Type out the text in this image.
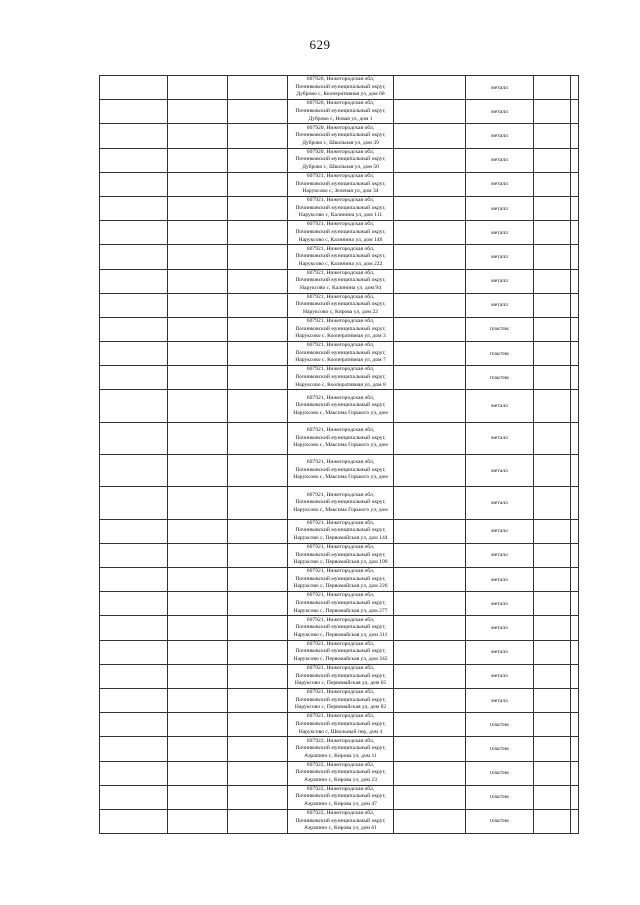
629

			607920, Нижегородская обл,
Починковский муниципальный округ,
Дуброво с, Кооперативная ул, дом 68		металл		

			607920, Нижегородская обл,
Починковский муниципальный округ,
Дуброво с, Новая ул, дом 1		металл		

			607920, Нижегородская обл,
Починковский муниципальный округ,
Дуброво с, Школьная ул, дом 39		металл		

			607920, Нижегородская обл,
Починковский муниципальный округ,
Дуброво с, Школьная ул, дом 50		металл		

			607921, Нижегородская обл,
Починковский муниципальный округ,
Наруксово с, Зеленая ул, дом 34		металл		

			607921, Нижегородская обл,
Починковский муниципальный округ,
Наруксово с, Калинина ул, дом 111		металл		

			607921, Нижегородская обл,
Починковский муниципальный округ,
Наруксово с, Калинина ул, дом 146		металл		

			607921, Нижегородская обл,
Починковский муниципальный округ,
Наруксово с, Калинина ул, дом 222		металл		

			607921, Нижегородская обл,
Починковский муниципальный округ,
Наруксово с, Калинина ул, дом 94		металл		

			607921, Нижегородская обл,
Починковский муниципальный округ,
Наруксово с, Кирова ул, дом 22		металл		

			607921, Нижегородская обл,
Починковский муниципальный округ,
Наруксово с, Кооперативная ул, дом 3		пластик		

			607921, Нижегородская обл,
Починковский муниципальный округ,
Наруксово с, Кооперативная ул, дом 7		пластик		

			607921, Нижегородская обл,
Починковский муниципальный округ,
Наруксово с, Кооперативная ул, дом 8		пластик		

			607921, Нижегородская обл,
Починковский муниципальный округ,
Наруксово с, Максима Горького ул, дом		металл		

			607921, Нижегородская обл,
Починковский муниципальный округ,
Наруксово с, Максима Горького ул, дом		металл		

			607921, Нижегородская обл,
Починковский муниципальный округ,
Наруксово с, Максима Горького ул, дом		металл		

			607921, Нижегородская обл,
Починковский муниципальный округ,
Наруксово с, Максима Горького ул, дом		металл		

			607921, Нижегородская обл,
Починковский муниципальный округ,
Наруксово с, Первомайская ул, дом 144		металл		

			607921, Нижегородская обл,
Починковский муниципальный округ,
Наруксово с, Первомайская ул, дом 190		металл		

			607921, Нижегородская обл,
Починковский муниципальный округ,
Наруксово с, Первомайская ул, дом 226		металл		

			607921, Нижегородская обл,
Починковский муниципальный округ,
Наруксово с, Первомайская ул, дом 277		металл		

			607921, Нижегородская обл,
Починковский муниципальный округ,
Наруксово с, Первомайская ул, дом 311		металл		

			607921, Нижегородская обл,
Починковский муниципальный округ,
Наруксово с, Первомайская ул, дом 342		металл		

			607921, Нижегородская обл,
Починковский муниципальный округ,
Наруксово с, Первомайская ул, дом 65		металл		

			607921, Нижегородская обл,
Починковский муниципальный округ,
Наруксово с, Первомайская ул, дом 82		металл		

			607921, Нижегородская обл,
Починковский муниципальный округ,
Наруксово с, Школьный пер, дом 4		пластик		

			607922, Нижегородская обл,
Починковский муниципальный округ,
Азрапино с, Кирова ул, дом 11		пластик		

			607922, Нижегородская обл,
Починковский муниципальный округ,
Азрапино с, Кирова ул, дом 23		пластик		

			607922, Нижегородская обл,
Починковский муниципальный округ,
Азрапино с, Кирова ул, дом 47		пластик		

			607922, Нижегородская обл,
Починковский муниципальный округ,
Азрапино с, Кирова ул, дом 61		пластик		
